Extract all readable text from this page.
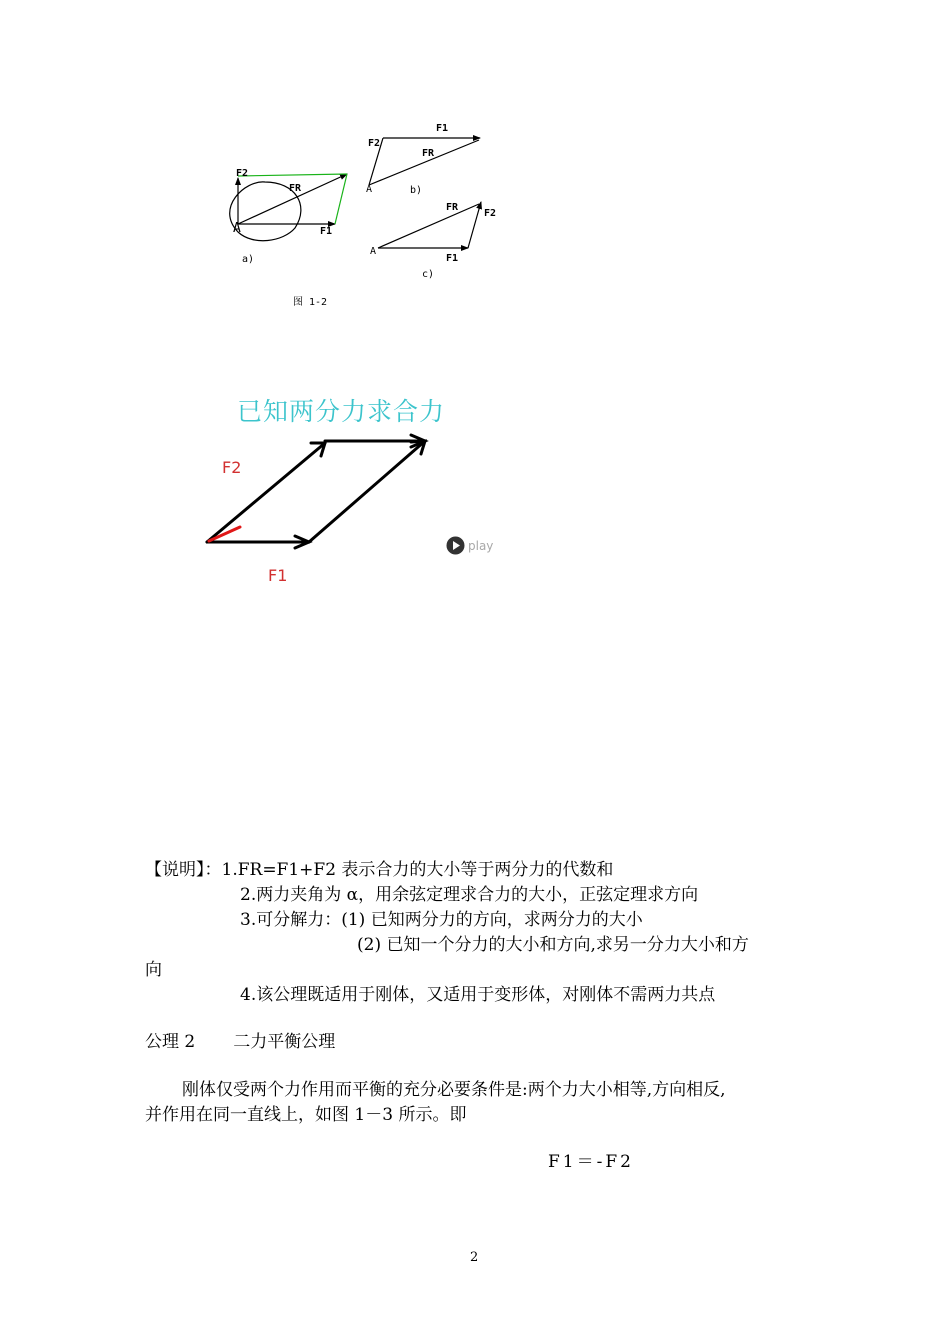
F2
FR
F1
A
a)
F2
F1
FR
A	b)
FR
F2
F1
A
c)
图 1-2
已知两分力求合力
F2
F1
play
【说明】：1.FR=F1+F2 表示合力的大小等于两分力的代数和
2.两力夹角为 α，用余弦定理求合力的大小，正弦定理求方向
3.可分解力：(1) 已知两分力的方向，求两分力的大小
(2) 已知一个分力的大小和方向,求另一分力大小和方
向
4.该公理既适用于刚体，又适用于变形体，对刚体不需两力共点
公理 2 二力平衡公理
刚体仅受两个力作用而平衡的充分必要条件是:两个力大小相等,方向相反,
并作用在同一直线上，如图 1－3 所示。即
F1＝-F2
2
